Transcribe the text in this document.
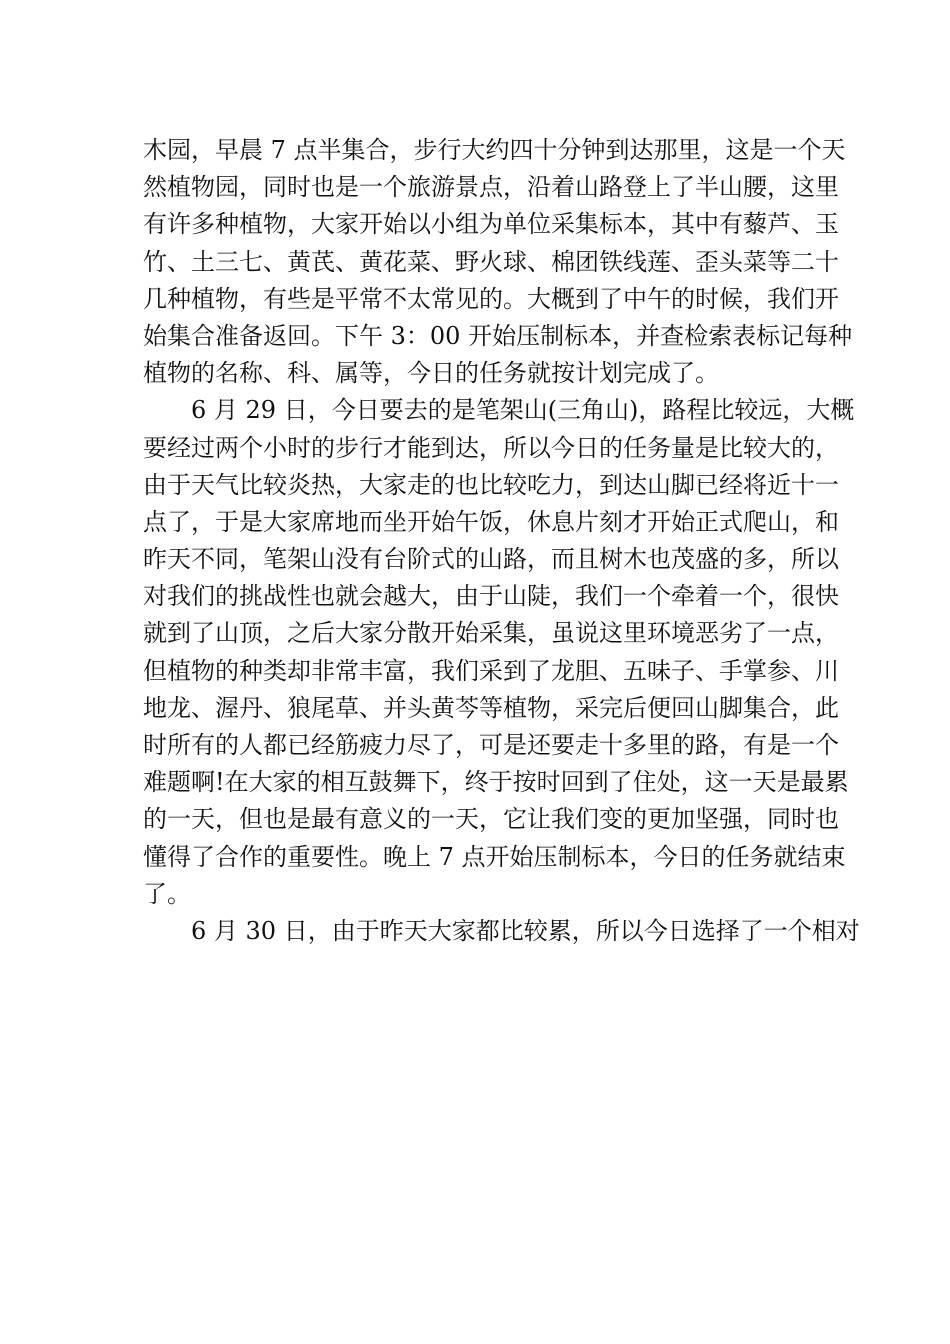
木园，早晨 7 点半集合，步行大约四十分钟到达那里，这是一个天
然植物园，同时也是一个旅游景点，沿着山路登上了半山腰，这里
有许多种植物，大家开始以小组为单位采集标本，其中有藜芦、玉
竹、土三七、黄芪、黄花菜、野火球、棉团铁线莲、歪头菜等二十
几种植物，有些是平常不太常见的。大概到了中午的时候，我们开
始集合准备返回。下午 3：00 开始压制标本，并查检索表标记每种
植物的名称、科、属等，今日的任务就按计划完成了。
6 月 29 日，今日要去的是笔架山(三角山)，路程比较远，大概
要经过两个小时的步行才能到达，所以今日的任务量是比较大的，
由于天气比较炎热，大家走的也比较吃力，到达山脚已经将近十一
点了，于是大家席地而坐开始午饭，休息片刻才开始正式爬山，和
昨天不同，笔架山没有台阶式的山路，而且树木也茂盛的多，所以
对我们的挑战性也就会越大，由于山陡，我们一个牵着一个，很快
就到了山顶，之后大家分散开始采集，虽说这里环境恶劣了一点，
但植物的种类却非常丰富，我们采到了龙胆、五味子、手掌参、川
地龙、渥丹、狼尾草、并头黄芩等植物，采完后便回山脚集合，此
时所有的人都已经筋疲力尽了，可是还要走十多里的路，有是一个
难题啊!在大家的相互鼓舞下，终于按时回到了住处，这一天是最累
的一天，但也是最有意义的一天，它让我们变的更加坚强，同时也
懂得了合作的重要性。晚上 7 点开始压制标本，今日的任务就结束
了。
6 月 30 日，由于昨天大家都比较累，所以今日选择了一个相对
